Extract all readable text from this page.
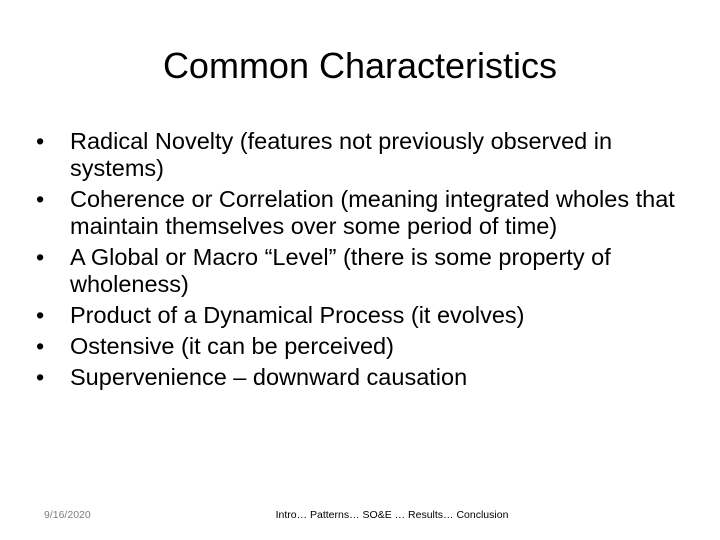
Common Characteristics
•	Radical Novelty (features not previously observed in systems)
•	Coherence or Correlation (meaning integrated wholes that maintain themselves over some period of time)
•	A Global or Macro “Level” (there is some property of wholeness)
•	Product of a Dynamical Process (it evolves)
•	Ostensive (it can be perceived)
•	Supervenience – downward causation
9/16/2020	Intro… Patterns… SO&E … Results… Conclusion
